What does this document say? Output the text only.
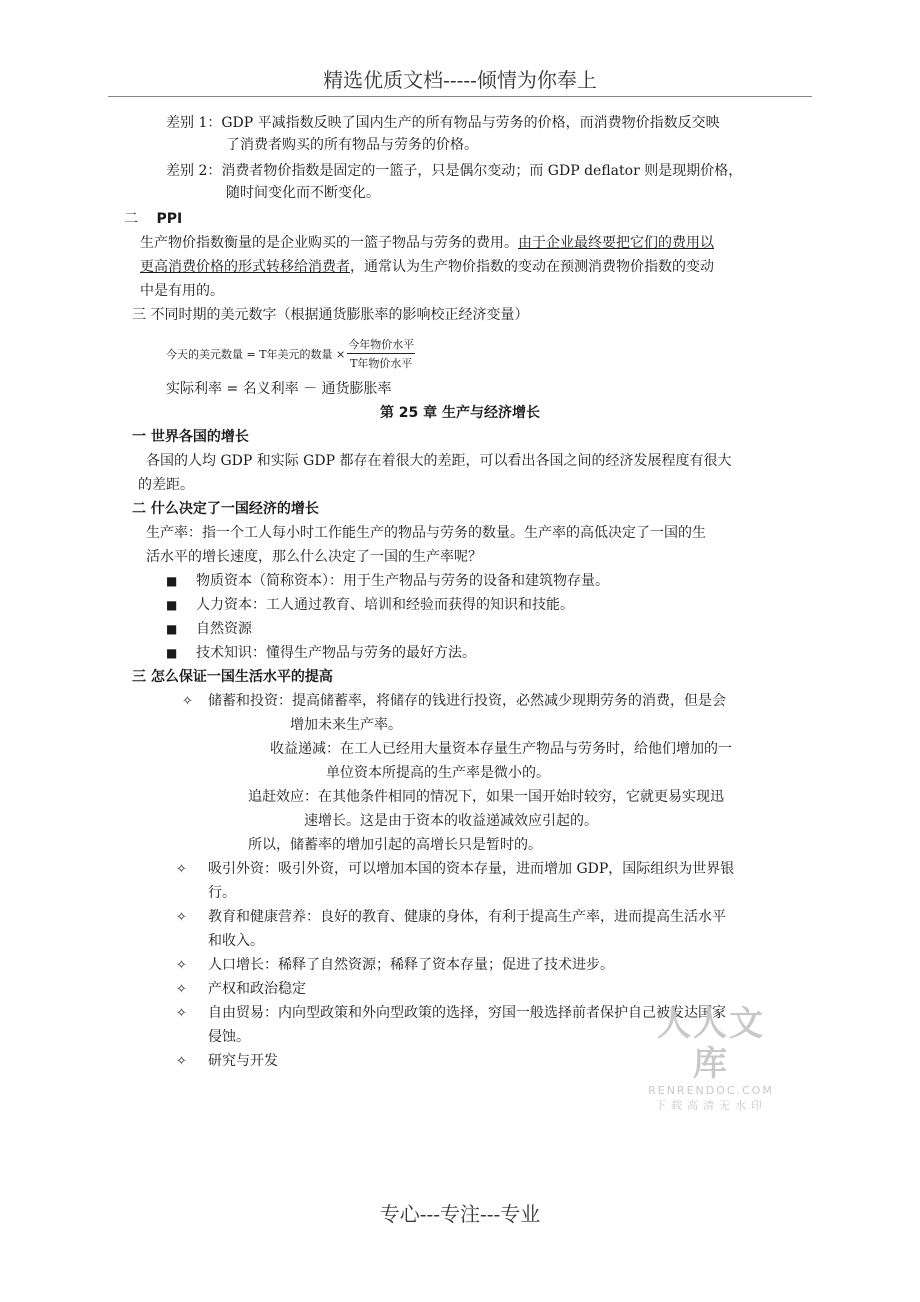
精选优质文档-----倾情为你奉上
差别 1：GDP 平减指数反映了国内生产的所有物品与劳务的价格，而消费物价指数反交映
了消费者购买的所有物品与劳务的价格。
差别 2：消费者物价指数是固定的一篮子，只是偶尔变动；而 GDP deflator 则是现期价格，
随时间变化而不断变化。
二 PPI
生产物价指数衡量的是企业购买的一篮子物品与劳务的费用。由于企业最终要把它们的费用以
更高消费价格的形式转移给消费者，通常认为生产物价指数的变动在预测消费物价指数的变动
中是有用的。
三 不同时期的美元数字（根据通货膨胀率的影响校正经济变量）
今天的美元数量 = T年美元的数量 × $\frac{\text{今年物价水平}}{\text{T年物价水平}}$
实际利率 = 名义利率 － 通货膨胀率
第 25 章 生产与经济增长
一 世界各国的增长
各国的人均 GDP 和实际 GDP 都存在着很大的差距，可以看出各国之间的经济发展程度有很大
的差距。
二 什么决定了一国经济的增长
生产率：指一个工人每小时工作能生产的物品与劳务的数量。生产率的高低决定了一国的生
活水平的增长速度，那么什么决定了一国的生产率呢？
■ 物质资本（简称资本）：用于生产物品与劳务的设备和建筑物存量。
■ 人力资本：工人通过教育、培训和经验而获得的知识和技能。
■ 自然资源
■ 技术知识：懂得生产物品与劳务的最好方法。
三 怎么保证一国生活水平的提高
✧ 储蓄和投资：提高储蓄率，将储存的钱进行投资，必然减少现期劳务的消费，但是会
增加未来生产率。
收益递减：在工人已经用大量资本存量生产物品与劳务时，给他们增加的一
单位资本所提高的生产率是微小的。
追赶效应：在其他条件相同的情况下，如果一国开始时较穷，它就更易实现迅
速增长。这是由于资本的收益递减效应引起的。
所以，储蓄率的增加引起的高增长只是暂时的。
✧ 吸引外资：吸引外资，可以增加本国的资本存量，进而增加 GDP，国际组织为世界银
行。
✧ 教育和健康营养：良好的教育、健康的身体，有利于提高生产率，进而提高生活水平
和收入。
✧ 人口增长：稀释了自然资源；稀释了资本存量；促进了技术进步。
✧ 产权和政治稳定
✧ 自由贸易：内向型政策和外向型政策的选择，穷国一般选择前者保护自己被发达国家
侵蚀。
✧ 研究与开发
人人文库
RENRENDOC.COM
下载高清无水印
专心---专注---专业
